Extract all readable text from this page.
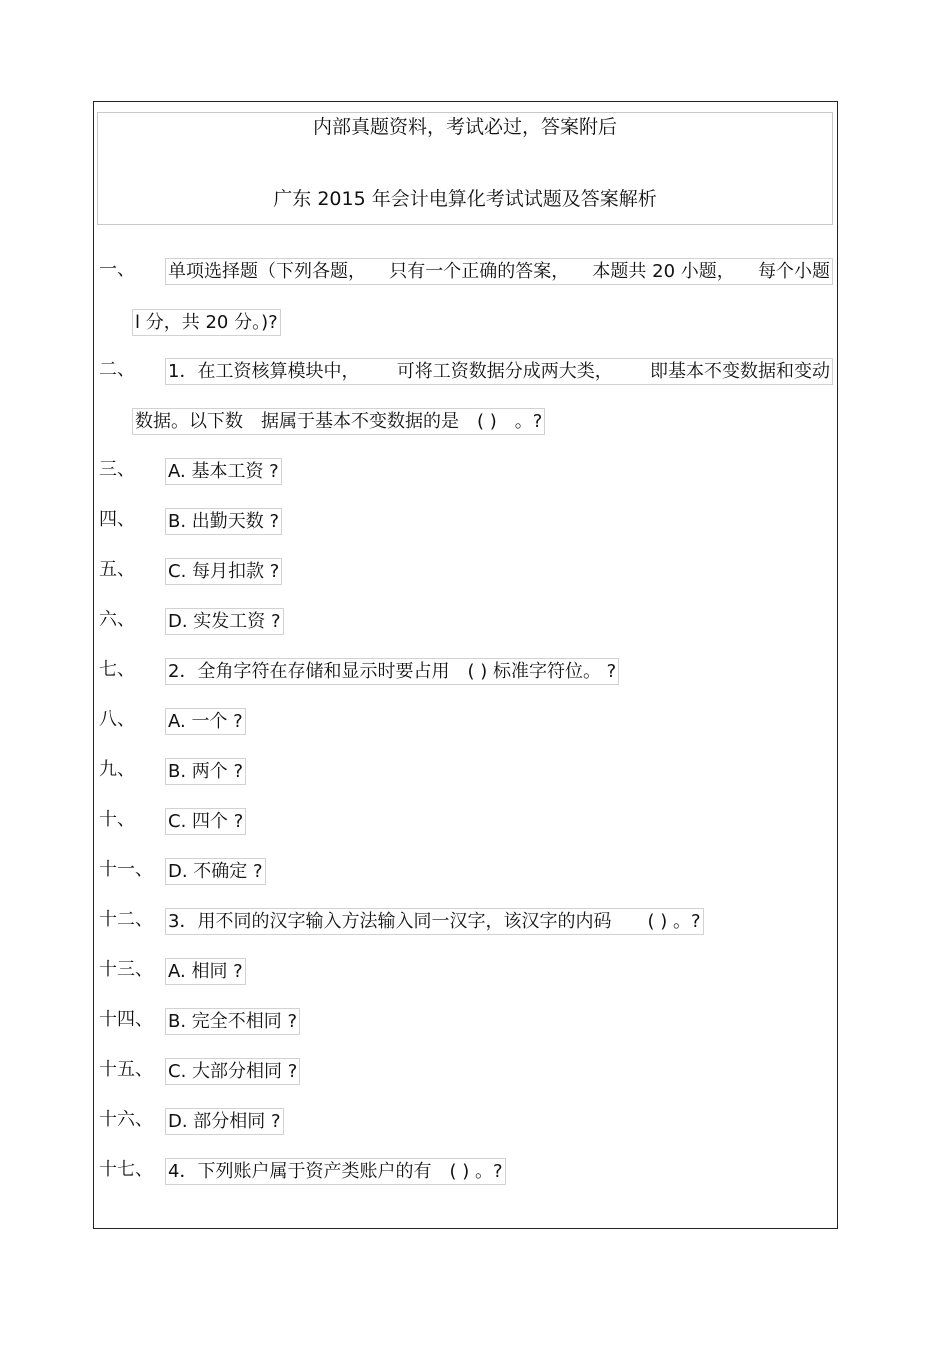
内部真题资料，考试必过，答案附后
广东 2015 年会计电算化考试试题及答案解析
一、 单项选择题（下列各题， 只有一个正确的答案， 本题共 20 小题， 每个小题
l 分，共 20 分。)?
二、 1．在工资核算模块中， 可将工资数据分成两大类， 即基本不变数据和变动
数据。以下数　据属于基本不变数据的是　( )　。?
三、 A. 基本工资 ?
四、 B. 出勤天数 ?
五、 C. 每月扣款 ?
六、 D. 实发工资 ?
七、 2．全角字符在存储和显示时要占用　( ) 标准字符位。 ?
八、 A. 一个 ?
九、 B. 两个 ?
十、 C. 四个 ?
十一、 D. 不确定 ?
十二、 3．用不同的汉字输入方法输入同一汉字，该汉字的内码　　( ) 。?
十三、 A. 相同 ?
十四、 B. 完全不相同 ?
十五、 C. 大部分相同 ?
十六、 D. 部分相同 ?
十七、 4．下列账户属于资产类账户的有　( ) 。?
